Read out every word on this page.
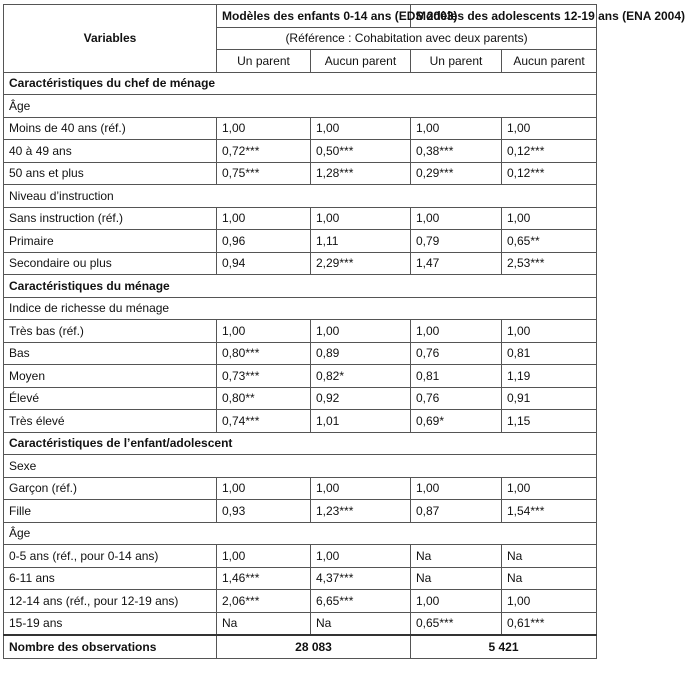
Variables	Modèles des enfants 0-14 ans (EDS 2003)		Modèles des adolescents 12-19 ans (ENA 2004)	
	(Référence : Cohabitation avec deux parents)			
	Un parent	Aucun parent	Un parent	Aucun parent
Caractéristiques du chef de ménage				
Âge				
Moins de 40 ans (réf.)	1,00	1,00	1,00	1,00
40 à 49 ans	0,72***	0,50***	0,38***	0,12***
50 ans et plus	0,75***	1,28***	0,29***	0,12***
Niveau d’instruction				
Sans instruction (réf.)	1,00	1,00	1,00	1,00
Primaire	0,96	1,11	0,79	0,65**
Secondaire ou plus	0,94	2,29***	1,47	2,53***
Caractéristiques du ménage				
Indice de richesse du ménage				
Très bas (réf.)	1,00	1,00	1,00	1,00
Bas	0,80***	0,89	0,76	0,81
Moyen	0,73***	0,82*	0,81	1,19
Élevé	0,80**	0,92	0,76	0,91
Très élevé	0,74***	1,01	0,69*	1,15
Caractéristiques de l’enfant/adolescent				
Sexe				
Garçon (réf.)	1,00	1,00	1,00	1,00
Fille	0,93	1,23***	0,87	1,54***
Âge				
0-5 ans (réf., pour 0-14 ans)	1,00	1,00	Na	Na
6-11 ans	1,46***	4,37***	Na	Na
12-14 ans (réf., pour 12-19 ans)	2,06***	6,65***	1,00	1,00
15-19 ans	Na	Na	0,65***	0,61***
Nombre des observations	28 083		5 421	
